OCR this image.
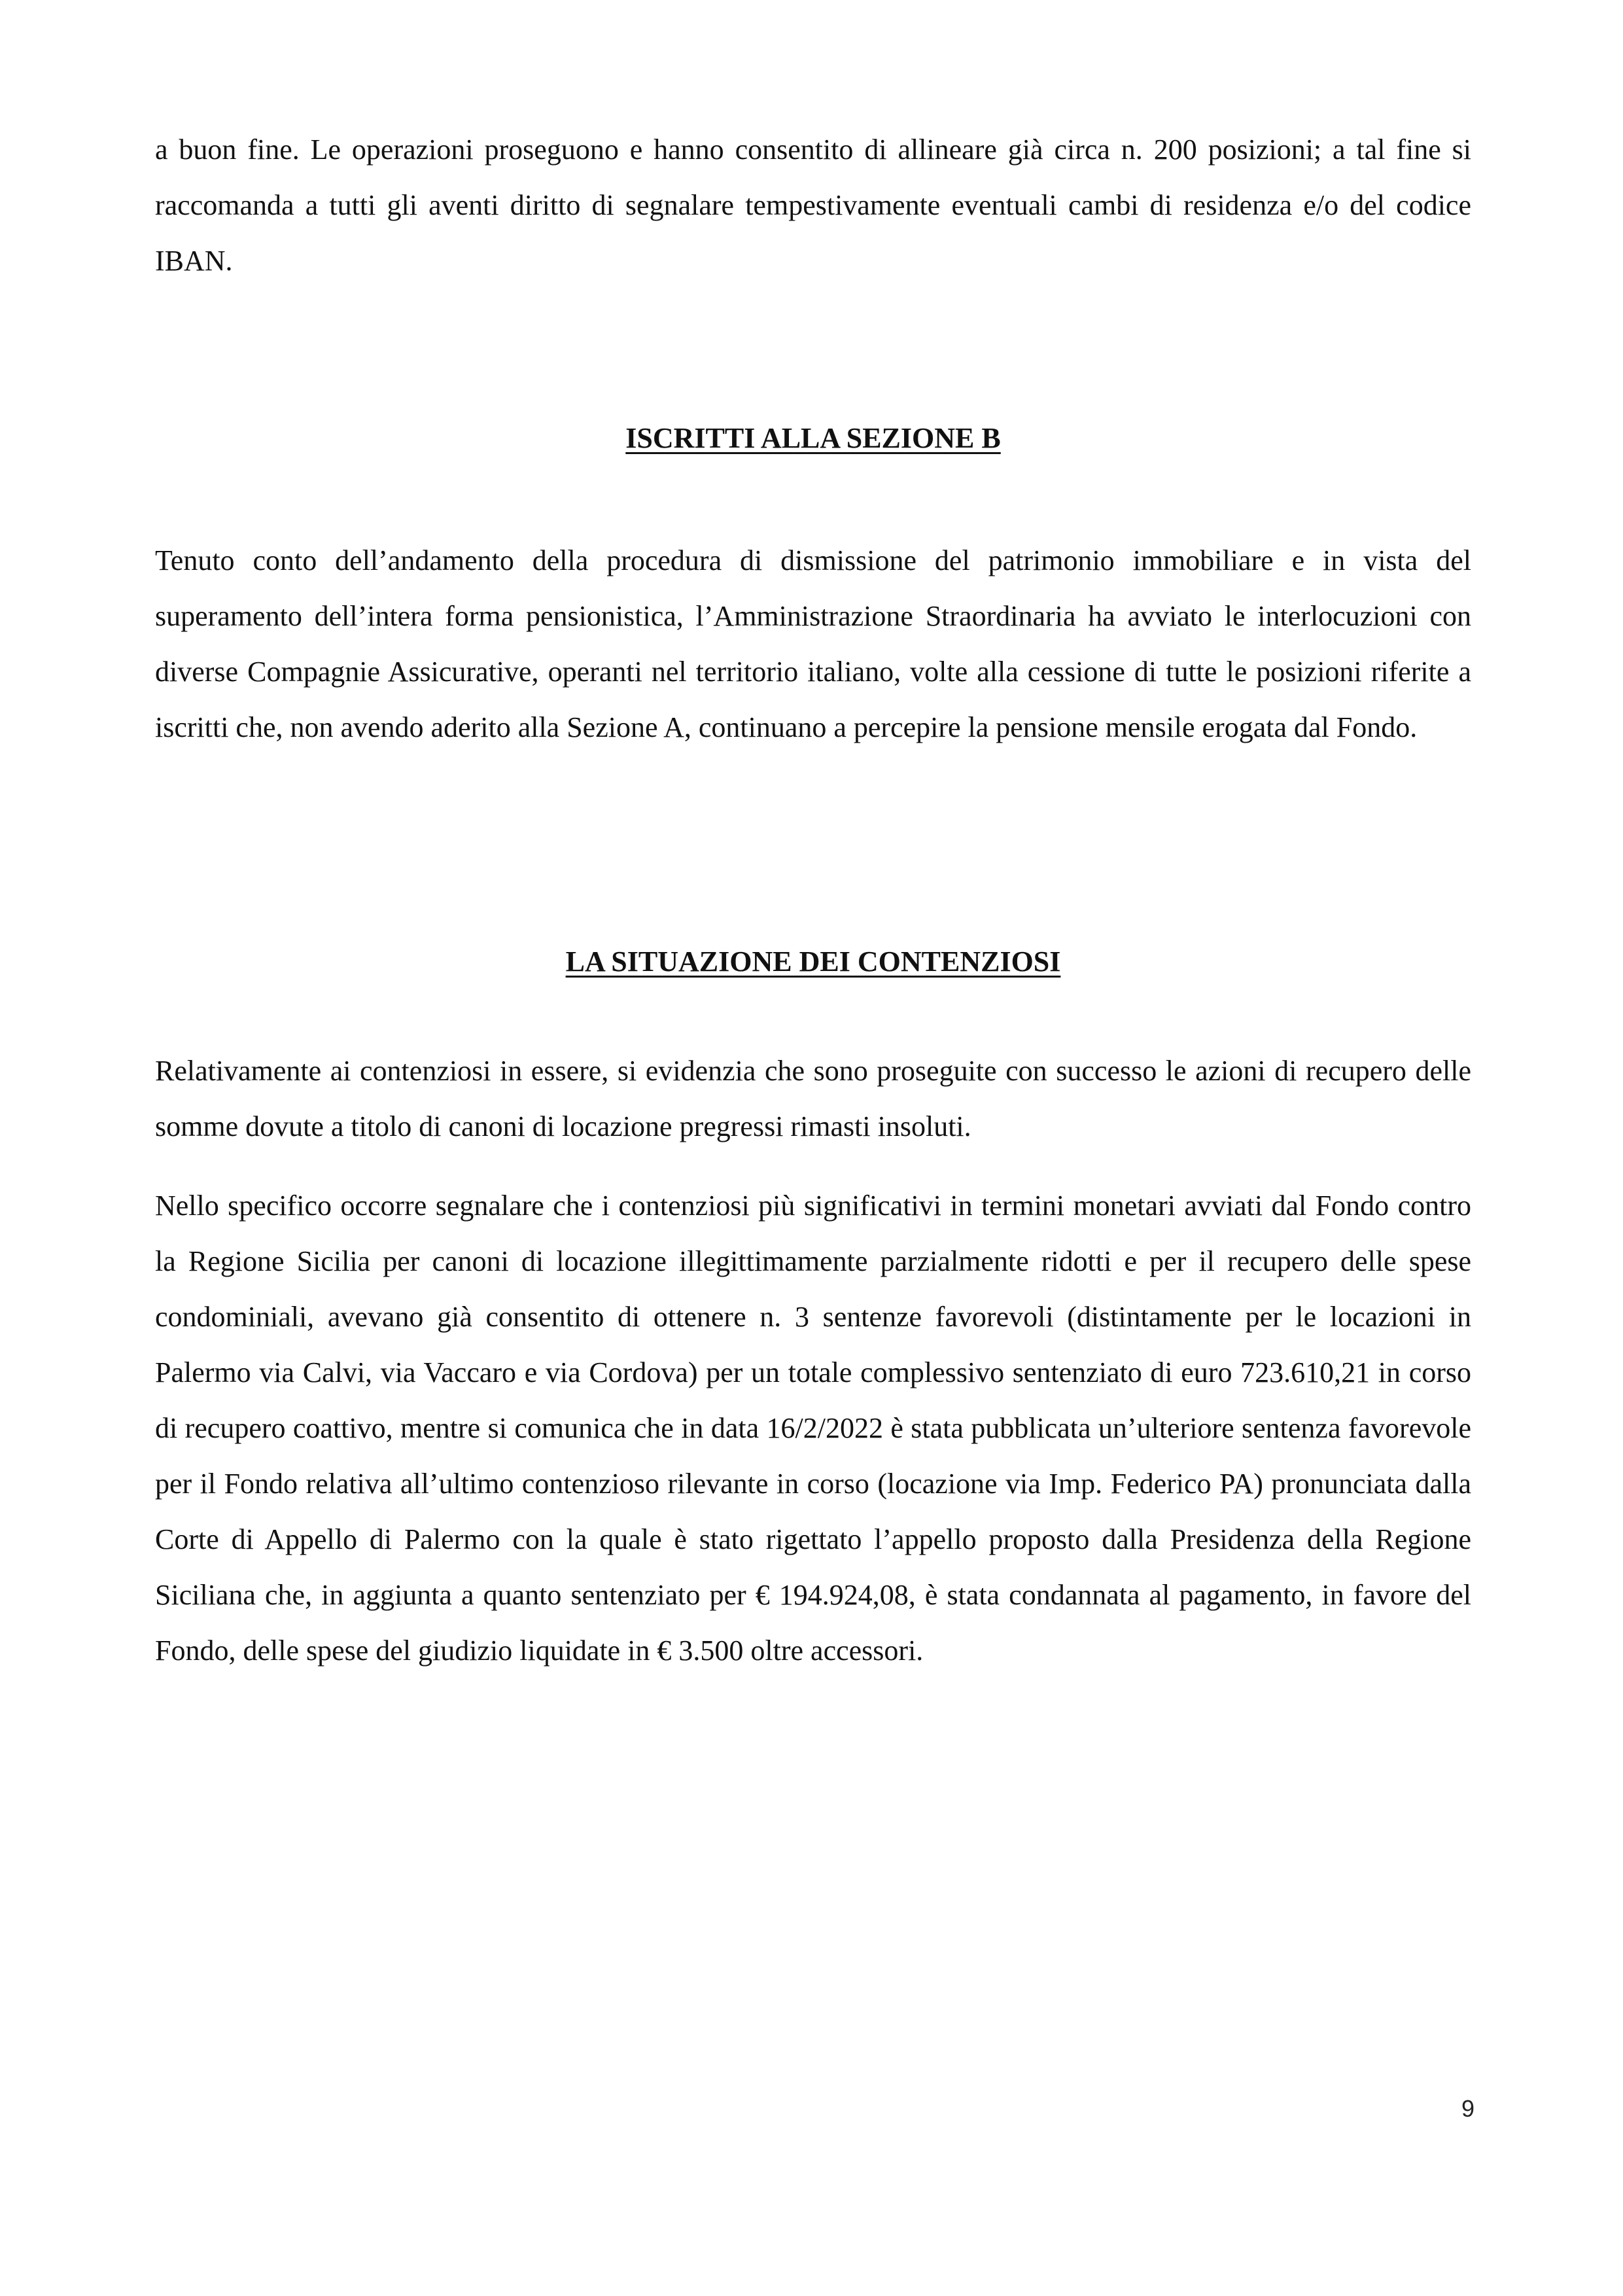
a buon fine. Le operazioni proseguono e hanno consentito di allineare già circa n. 200 posizioni; a tal fine si raccomanda a tutti gli aventi diritto di segnalare tempestivamente eventuali cambi di residenza e/o del codice IBAN.

ISCRITTI ALLA SEZIONE B

Tenuto conto dell’andamento della procedura di dismissione del patrimonio immobiliare e in vista del superamento dell’intera forma pensionistica, l’Amministrazione Straordinaria ha avviato le interlocuzioni con diverse Compagnie Assicurative, operanti nel territorio italiano, volte alla cessione di tutte le posizioni riferite a iscritti che, non avendo aderito alla Sezione A, continuano a percepire la pensione mensile erogata dal Fondo.

LA SITUAZIONE DEI CONTENZIOSI

Relativamente ai contenziosi in essere, si evidenzia che sono proseguite con successo le azioni di recupero delle somme dovute a titolo di canoni di locazione pregressi rimasti insoluti.

Nello specifico occorre segnalare che i contenziosi più significativi in termini monetari avviati dal Fondo contro la Regione Sicilia per canoni di locazione illegittimamente parzialmente ridotti e per il recupero delle spese condominiali, avevano già consentito di ottenere n. 3 sentenze favorevoli (distintamente per le locazioni in Palermo via Calvi, via Vaccaro e via Cordova) per un totale complessivo sentenziato di euro 723.610,21 in corso di recupero coattivo, mentre si comunica che in data 16/2/2022 è stata pubblicata un’ulteriore sentenza favorevole per il Fondo relativa all’ultimo contenzioso rilevante in corso (locazione via Imp. Federico PA) pronunciata dalla Corte di Appello di Palermo con la quale è stato rigettato l’appello proposto dalla Presidenza della Regione Siciliana che, in aggiunta a quanto sentenziato per € 194.924,08, è stata condannata al pagamento, in favore del Fondo, delle spese del giudizio liquidate in € 3.500 oltre accessori.

9
